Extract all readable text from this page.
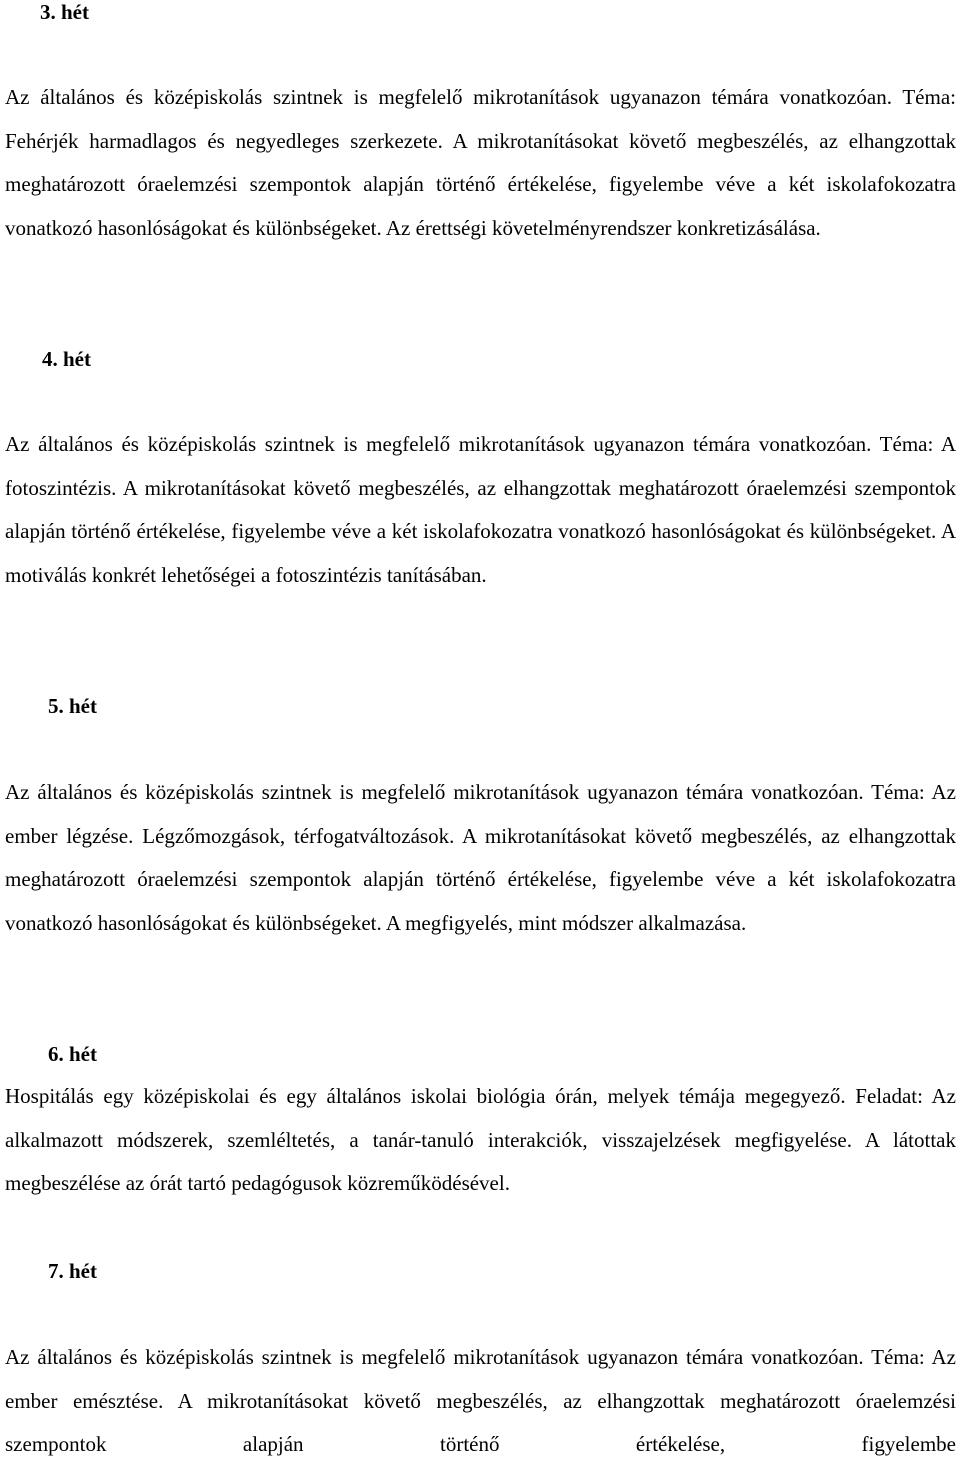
3. hét

Az általános és középiskolás szintnek is megfelelő mikrotanítások ugyanazon témára vonatkozóan. Téma: Fehérjék harmadlagos és negyedleges szerkezete. A mikrotanításokat követő megbeszélés, az elhangzottak meghatározott óraelemzési szempontok alapján történő értékelése, figyelembe véve a két iskolafokozatra vonatkozó hasonlóságokat és különbségeket. Az érettségi követelményrendszer konkretizásálása.

4. hét

Az általános és középiskolás szintnek is megfelelő mikrotanítások ugyanazon témára vonatkozóan. Téma: A fotoszintézis. A mikrotanításokat követő megbeszélés, az elhangzottak meghatározott óraelemzési szempontok alapján történő értékelése, figyelembe véve a két iskolafokozatra vonatkozó hasonlóságokat és különbségeket. A motiválás konkrét lehetőségei a fotoszintézis tanításában.

5. hét

Az általános és középiskolás szintnek is megfelelő mikrotanítások ugyanazon témára vonatkozóan. Téma: Az ember légzése. Légzőmozgások, térfogatváltozások. A mikrotanításokat követő megbeszélés, az elhangzottak meghatározott óraelemzési szempontok alapján történő értékelése, figyelembe véve a két iskolafokozatra vonatkozó hasonlóságokat és különbségeket. A megfigyelés, mint módszer alkalmazása.

6. hét

Hospitálás egy középiskolai és egy általános iskolai biológia órán, melyek témája megegyező. Feladat: Az alkalmazott módszerek, szemléltetés, a tanár-tanuló interakciók, visszajelzések megfigyelése. A látottak megbeszélése az órát tartó pedagógusok közreműködésével.

7. hét

Az általános és középiskolás szintnek is megfelelő mikrotanítások ugyanazon témára vonatkozóan. Téma: Az ember emésztése. A mikrotanításokat követő megbeszélés, az elhangzottak meghatározott óraelemzési szempontok alapján történő értékelése, figyelembe
